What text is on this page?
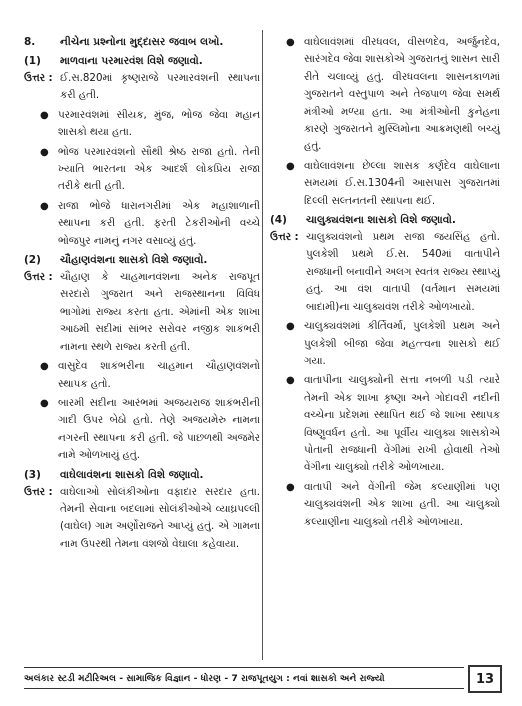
8.	નીચેના પ્રશ્નોના મુદ્દાસર જવાબ લખો.
(1)	માળવાના પરમારવંશ વિશે જણાવો.
ઉત્તર : ઈ.સ.820માં કૃષ્ણરાજે પરમારવંશની સ્થાપના કરી હતી.
● પરમારવંશમાં સીયક, મુંજ, ભોજ જેવા મહાન શાસકો થયા હતા.
● ભોજ પરમારવંશનો સૌથી શ્રેષ્ઠ રાજા હતો. તેની ખ્યાતિ ભારતના એક આદર્શ લોકપ્રિય રાજા તરીકે થતી હતી.
● રાજા ભોજે ધારાનગરીમાં એક મહાશાળાની સ્થાપના કરી હતી. ફરતી ટેકરીઓની વચ્ચે ભોજપુર નામનું નગર વસાવ્યું હતું.
(2)	ચૌહાણવંશના શાસકો વિશે જણાવો.
ઉત્તર : ચૌહાણ કે ચાહમાનવંશના અનેક રાજપૂત સરદારો ગુજરાત અને રાજસ્થાનના વિવિધ ભાગોમાં રાજ્ય કરતા હતા. એમાંની એક શાખા આઠમી સદીમાં સાંભર સરોવર નજીક શાકંભરી નામના સ્થળે રાજ્ય કરતી હતી.
● વાસુદેવ શાકંભરીના ચાહમાન ચૌહાણવંશનો સ્થાપક હતો.
● બારમી સદીના આરંભમાં અજયરાજ શાકંભરીની ગાદી ઉપર બેઠો હતો. તેણે અજયમેરુ નામના નગરની સ્થાપના કરી હતી. જે પાછળથી અજમેર નામે ઓળખાયું હતું.
(3)	વાઘેલાવંશના શાસકો વિશે જણાવો.
ઉત્તર : વાઘેલાઓ સોલંકીઓના વફાદાર સરદાર હતા. તેમની સેવાના બદલામાં સોલંકીઓએ વ્યાઘ્રપલ્લી (વાઘેલ) ગામ અર્ણોરાજને આપ્યું હતું. એ ગામના નામ ઉપરથી તેમના વંશજો વેઘાલા કહેવાયા.
● વાઘેલાવંશમાં વીરધવલ, વીસળદેવ, અર્જુનદેવ, સારંગદેવ જેવા શાસકોએ ગુજરાતનું શાસન સારી રીતે ચલાવ્યું હતું. વીરધવલના શાસનકાળમાં ગુજરાતને વસ્તુપાળ અને તેજપાળ જેવા સમર્થ મંત્રીઓ મળ્યા હતા. આ મંત્રીઓની કુનેહના કારણે ગુજરાતને મુસ્લિમોના આક્રમણથી બચ્યું હતું.
● વાઘેલાવંશના છેલ્લા શાસક કર્ણદેવ વાઘેલાના સમયમાં ઈ.સ.1304ની આસપાસ ગુજરાતમાં દિલ્લી સલ્તનતની સ્થાપના થઈ.
(4)	ચાલુક્યવંશના શાસકો વિશે જણાવો.
ઉત્તર : ચાલુક્યવંશનો પ્રથમ રાજા જયસિંહ હતો. પુલકેશી પ્રથમે ઈ.સ. 540માં વાતાપીને રાજધાની બનાવીને અલગ સ્વતંત્ર રાજ્ય સ્થાપ્યું હતું. આ વંશ વાતાપી (વર્તમાન સમયમાં બાદામી)ના ચાલુક્યવંશ તરીકે ઓળખાયો.
● ચાલુક્યવંશમાં કીર્તિવર્મા, પુલકેશી પ્રથમ અને પુલકેશી બીજા જેવા મહત્ત્વના શાસકો થઈ ગયા.
● વાતાપીના ચાલુક્યોની સત્તા નબળી પડી ત્યારે તેમની એક શાખા કૃષ્ણા અને ગોદાવરી નદીની વચ્ચેના પ્રદેશમાં સ્થાપિત થઈ જે શાખા સ્થાપક વિષ્ણુવર્ધન હતો. આ પૂર્વીય ચાલુક્ય શાસકોએ પોતાની રાજધાની વેંગીમાં રાખી હોવાથી તેઓ વેંગીના ચાલુક્યો તરીકે ઓળખાયા.
● વાતાપી અને વેંગીની જેમ કલ્યાણીમાં પણ ચાલુક્યવંશની એક શાખા હતી. આ ચાલુક્યો કલ્યાણીના ચાલુક્યો તરીકે ઓળખાયા.
અલંકાર સ્ટડી મટીરિઅલ - સામાજિક વિજ્ઞાન - ધોરણ - 7 રાજપૂતયુગ : નવાં શાસકો અને રાજ્યો	13
